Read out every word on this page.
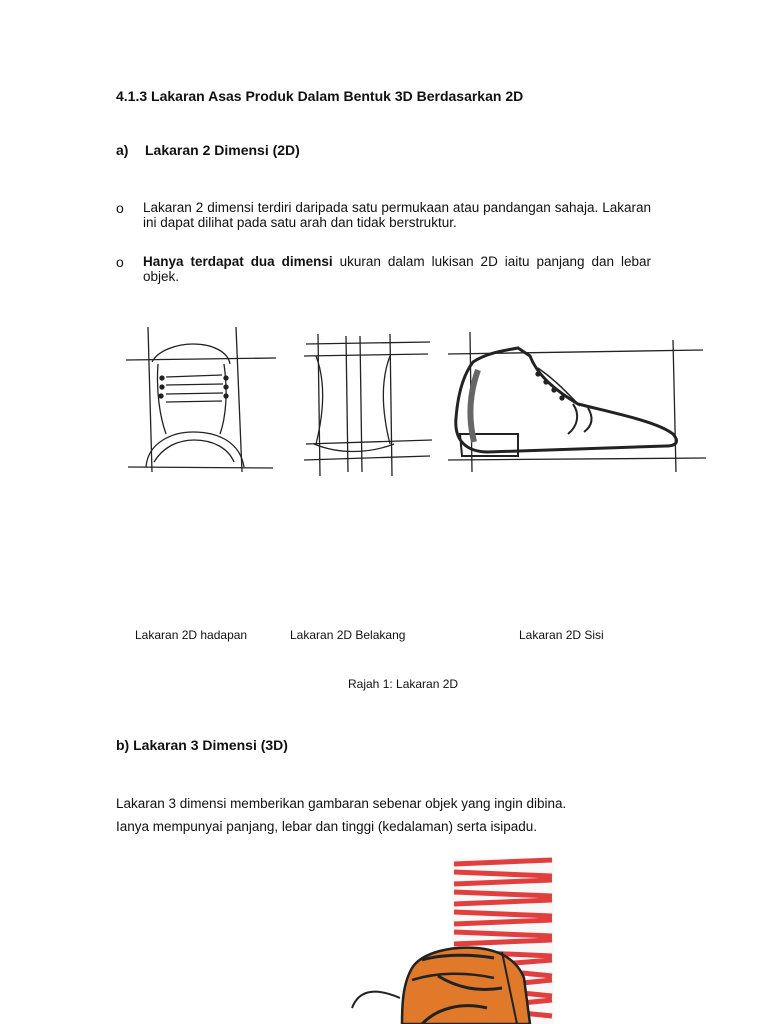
4.1.3 Lakaran Asas Produk Dalam Bentuk 3D Berdasarkan 2D
a) Lakaran 2 Dimensi (2D)
o Lakaran 2 dimensi terdiri daripada satu permukaan atau pandangan sahaja. Lakaran ini dapat dilihat pada satu arah dan tidak berstruktur.
o Hanya terdapat dua dimensi ukuran dalam lukisan 2D iaitu panjang dan lebar objek.
Lakaran 2D hadapan	Lakaran 2D Belakang	Lakaran 2D Sisi
Rajah 1: Lakaran 2D
b) Lakaran 3 Dimensi (3D)
Lakaran 3 dimensi memberikan gambaran sebenar objek yang ingin dibina.
Ianya mempunyai panjang, lebar dan tinggi (kedalaman) serta isipadu.
